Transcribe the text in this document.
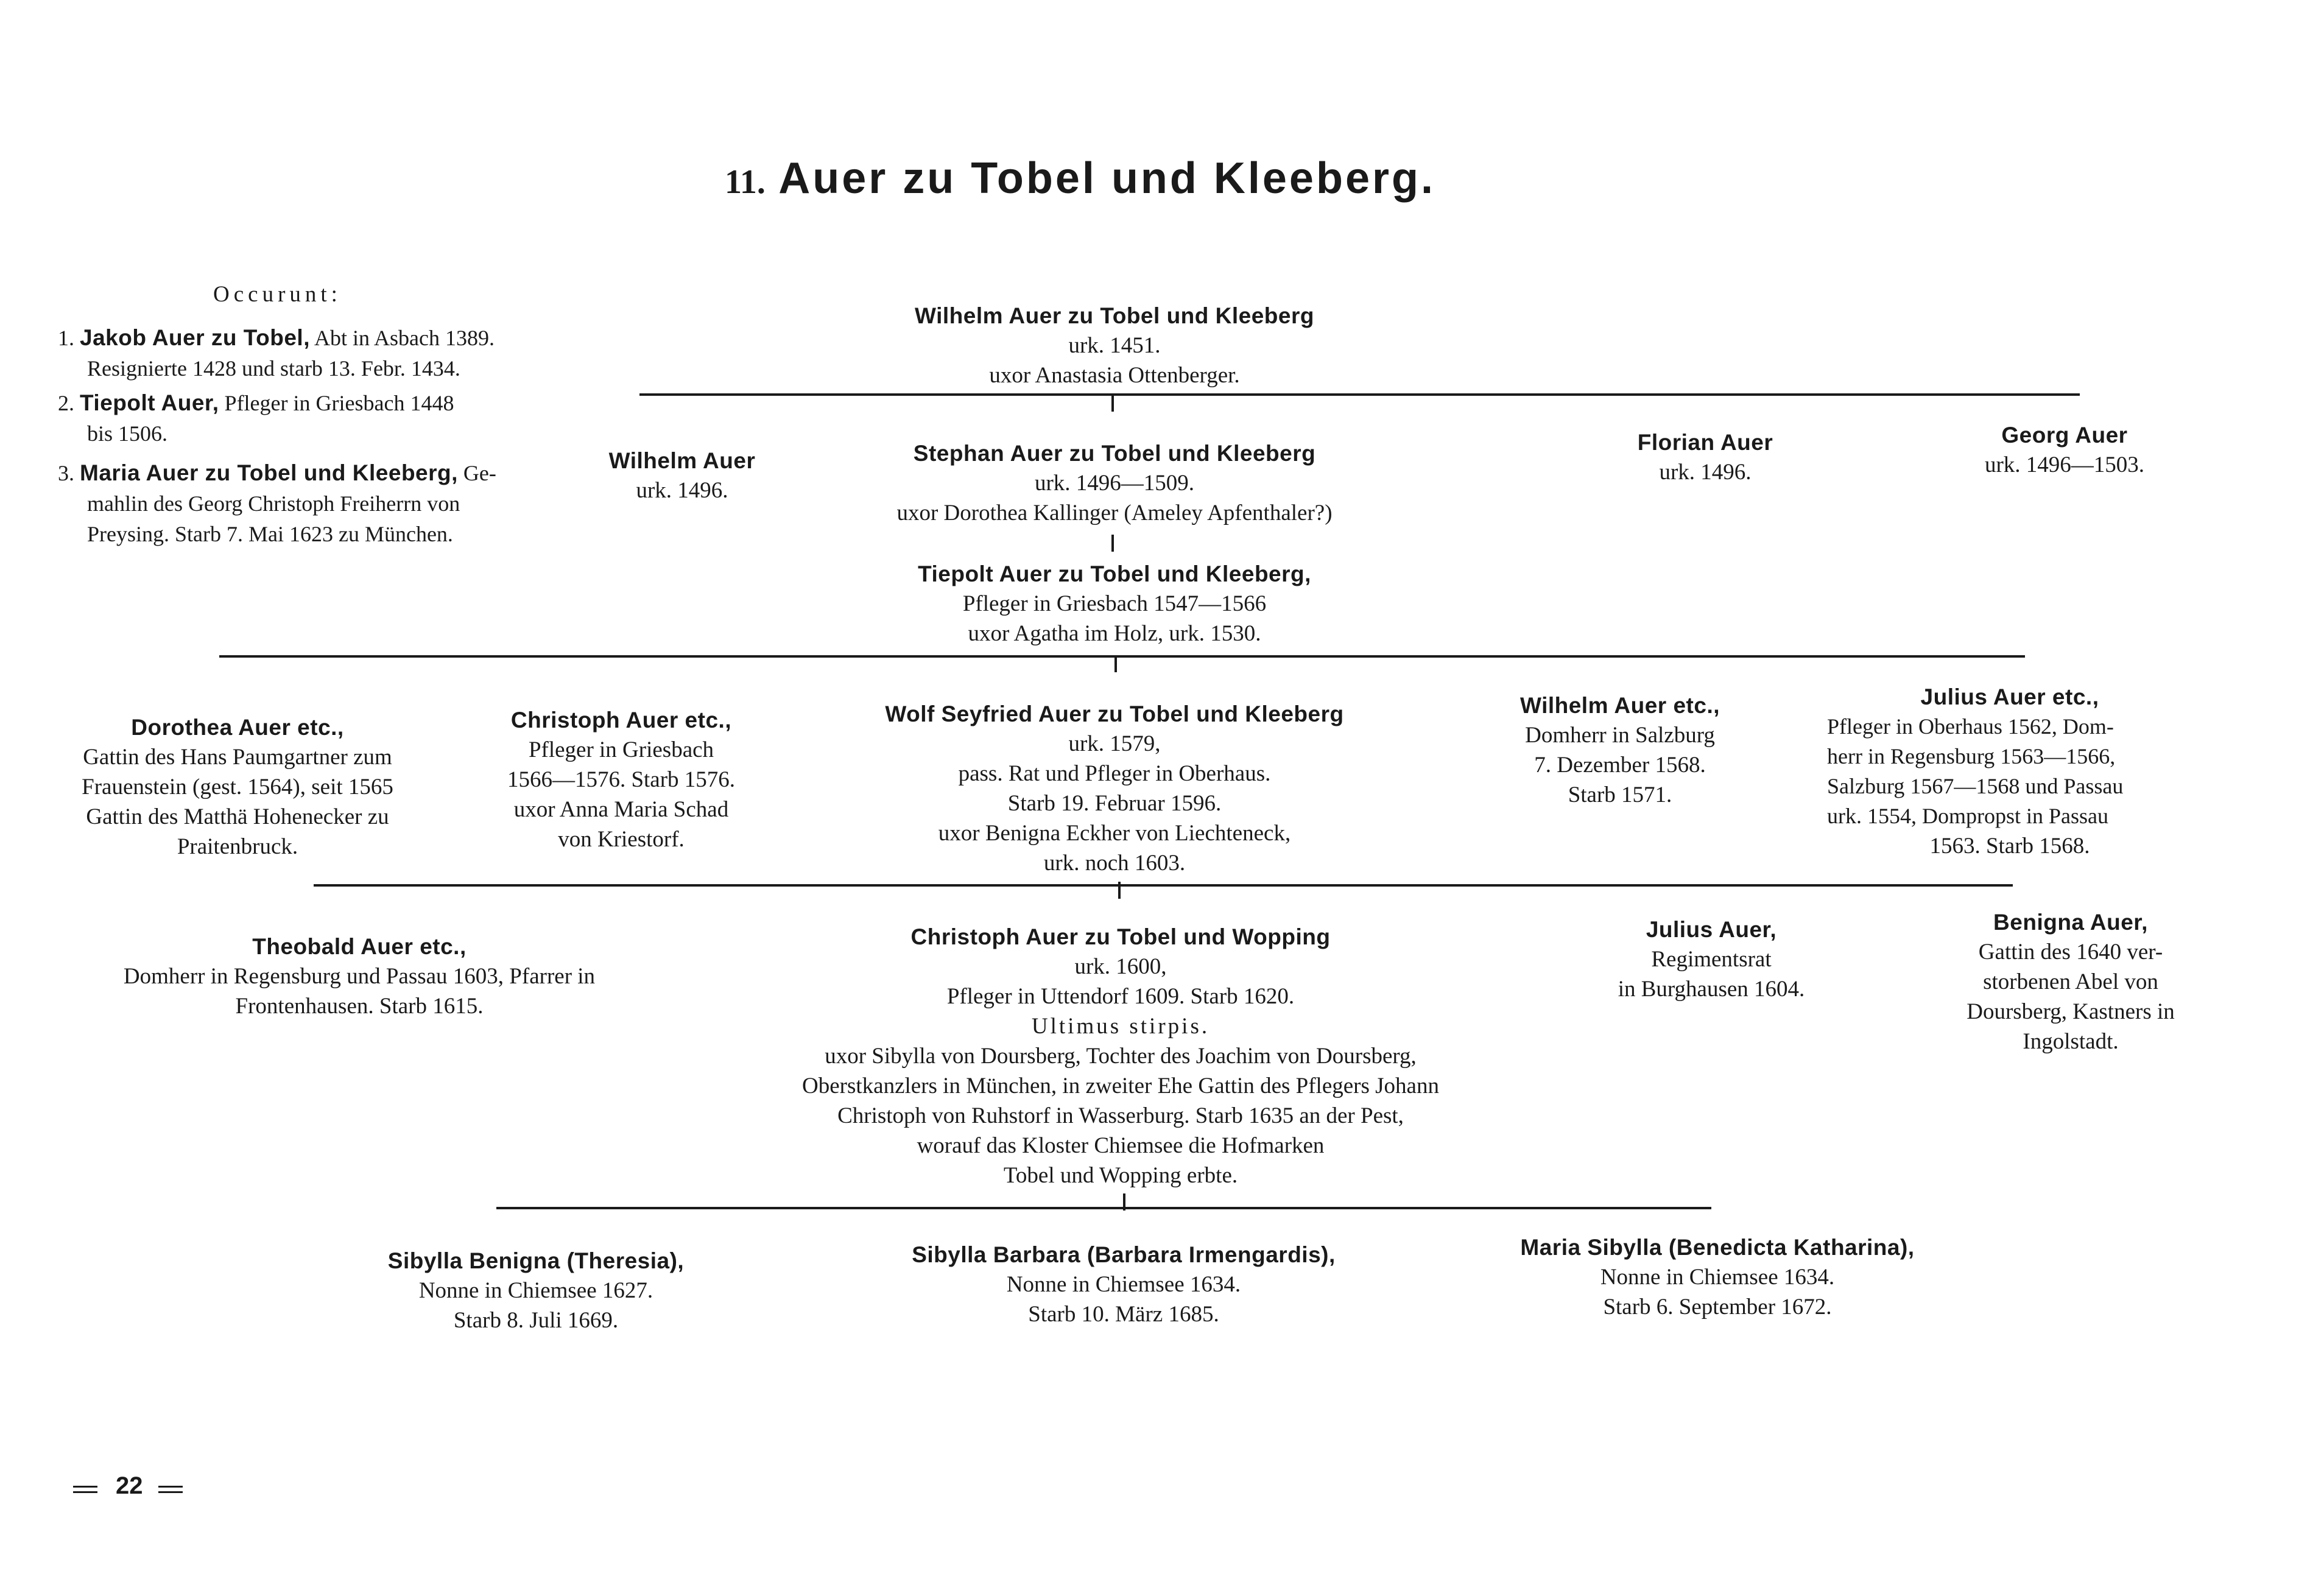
11. Auer zu Tobel und Kleeberg.
Occurunt:
1. Jakob Auer zu Tobel, Abt in Asbach 1389.
Resignierte 1428 und starb 13. Febr. 1434.
2. Tiepolt Auer, Pfleger in Griesbach 1448
bis 1506.
3. Maria Auer zu Tobel und Kleeberg, Ge-
mahlin des Georg Christoph Freiherrn von
Preysing. Starb 7. Mai 1623 zu München.
Wilhelm Auer zu Tobel und Kleeberg
urk. 1451.
uxor Anastasia Ottenberger.
Wilhelm Auer
urk. 1496.
Stephan Auer zu Tobel und Kleeberg
urk. 1496—1509.
uxor Dorothea Kallinger (Ameley Apfenthaler?)
Florian Auer
urk. 1496.
Georg Auer
urk. 1496—1503.
Tiepolt Auer zu Tobel und Kleeberg,
Pfleger in Griesbach 1547—1566
uxor Agatha im Holz, urk. 1530.
Dorothea Auer etc.,
Gattin des Hans Paumgartner zum
Frauenstein (gest. 1564), seit 1565
Gattin des Matthä Hohenecker zu
Praitenbruck.
Christoph Auer etc.,
Pfleger in Griesbach
1566—1576. Starb 1576.
uxor Anna Maria Schad
von Kriestorf.
Wolf Seyfried Auer zu Tobel und Kleeberg
urk. 1579,
pass. Rat und Pfleger in Oberhaus.
Starb 19. Februar 1596.
uxor Benigna Eckher von Liechteneck,
urk. noch 1603.
Wilhelm Auer etc.,
Domherr in Salzburg
7. Dezember 1568.
Starb 1571.
Julius Auer etc.,
Pfleger in Oberhaus 1562, Dom-
herr in Regensburg 1563—1566,
Salzburg 1567—1568 und Passau
urk. 1554, Dompropst in Passau
1563. Starb 1568.
Theobald Auer etc.,
Domherr in Regensburg und Passau 1603, Pfarrer in
Frontenhausen. Starb 1615.
Christoph Auer zu Tobel und Wopping
urk. 1600,
Pfleger in Uttendorf 1609. Starb 1620.
Ultimus stirpis.
uxor Sibylla von Doursberg, Tochter des Joachim von Doursberg,
Oberstkanzlers in München, in zweiter Ehe Gattin des Pflegers Johann
Christoph von Ruhstorf in Wasserburg. Starb 1635 an der Pest,
worauf das Kloster Chiemsee die Hofmarken
Tobel und Wopping erbte.
Julius Auer,
Regimentsrat
in Burghausen 1604.
Benigna Auer,
Gattin des 1640 ver-
storbenen Abel von
Doursberg, Kastners in
Ingolstadt.
Sibylla Benigna (Theresia),
Nonne in Chiemsee 1627.
Starb 8. Juli 1669.
Sibylla Barbara (Barbara Irmengardis),
Nonne in Chiemsee 1634.
Starb 10. März 1685.
Maria Sibylla (Benedicta Katharina),
Nonne in Chiemsee 1634.
Starb 6. September 1672.
22
